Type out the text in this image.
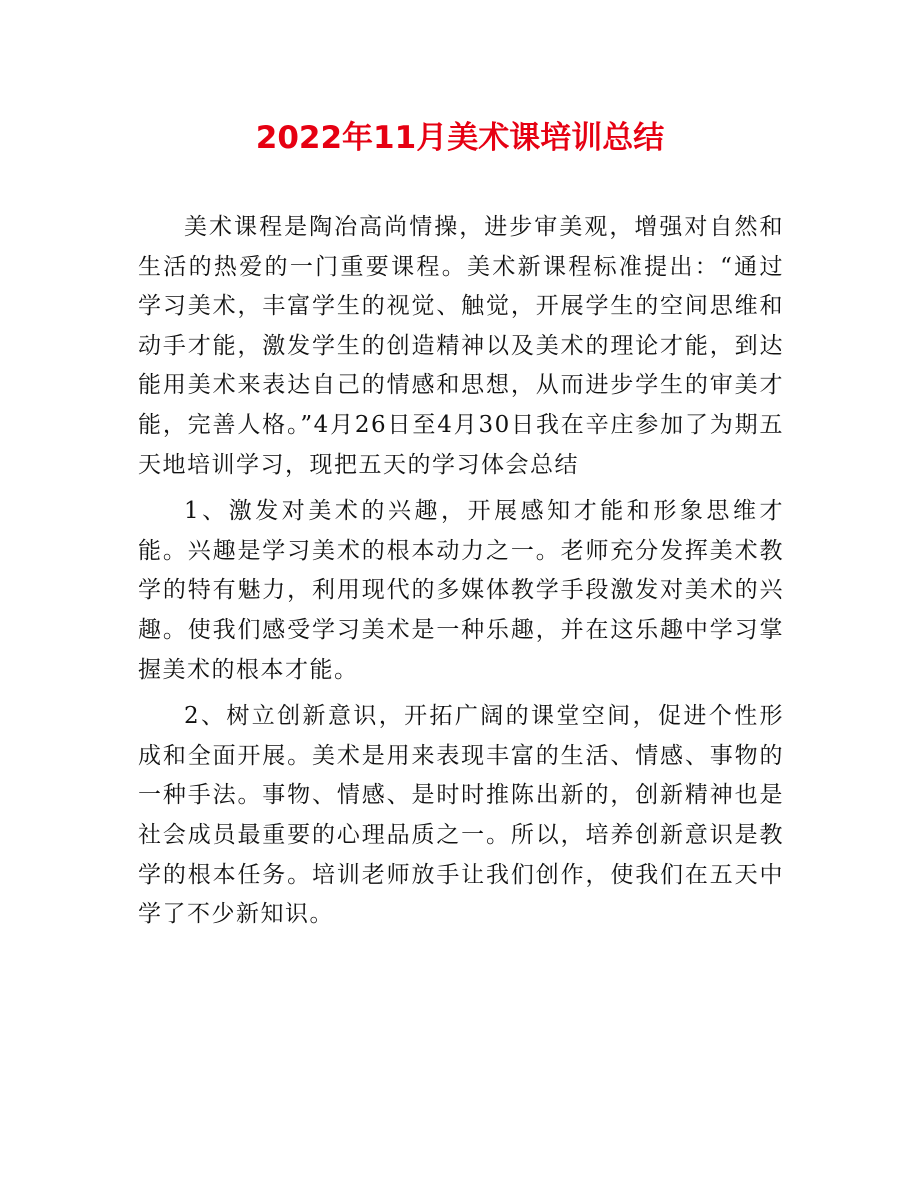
2022年11月美术课培训总结

美术课程是陶冶高尚情操，进步审美观，增强对自然和生活的热爱的一门重要课程。美术新课程标准提出：“通过学习美术，丰富学生的视觉、触觉，开展学生的空间思维和动手才能，激发学生的创造精神以及美术的理论才能，到达能用美术来表达自己的情感和思想，从而进步学生的审美才能，完善人格。”4月26日至4月30日我在辛庄参加了为期五天地培训学习，现把五天的学习体会总结

1、激发对美术的兴趣，开展感知才能和形象思维才能。兴趣是学习美术的根本动力之一。老师充分发挥美术教学的特有魅力，利用现代的多媒体教学手段激发对美术的兴趣。使我们感受学习美术是一种乐趣，并在这乐趣中学习掌握美术的根本才能。

2、树立创新意识，开拓广阔的课堂空间，促进个性形成和全面开展。美术是用来表现丰富的生活、情感、事物的一种手法。事物、情感、是时时推陈出新的，创新精神也是社会成员最重要的心理品质之一。所以，培养创新意识是教学的根本任务。培训老师放手让我们创作，使我们在五天中学了不少新知识。
